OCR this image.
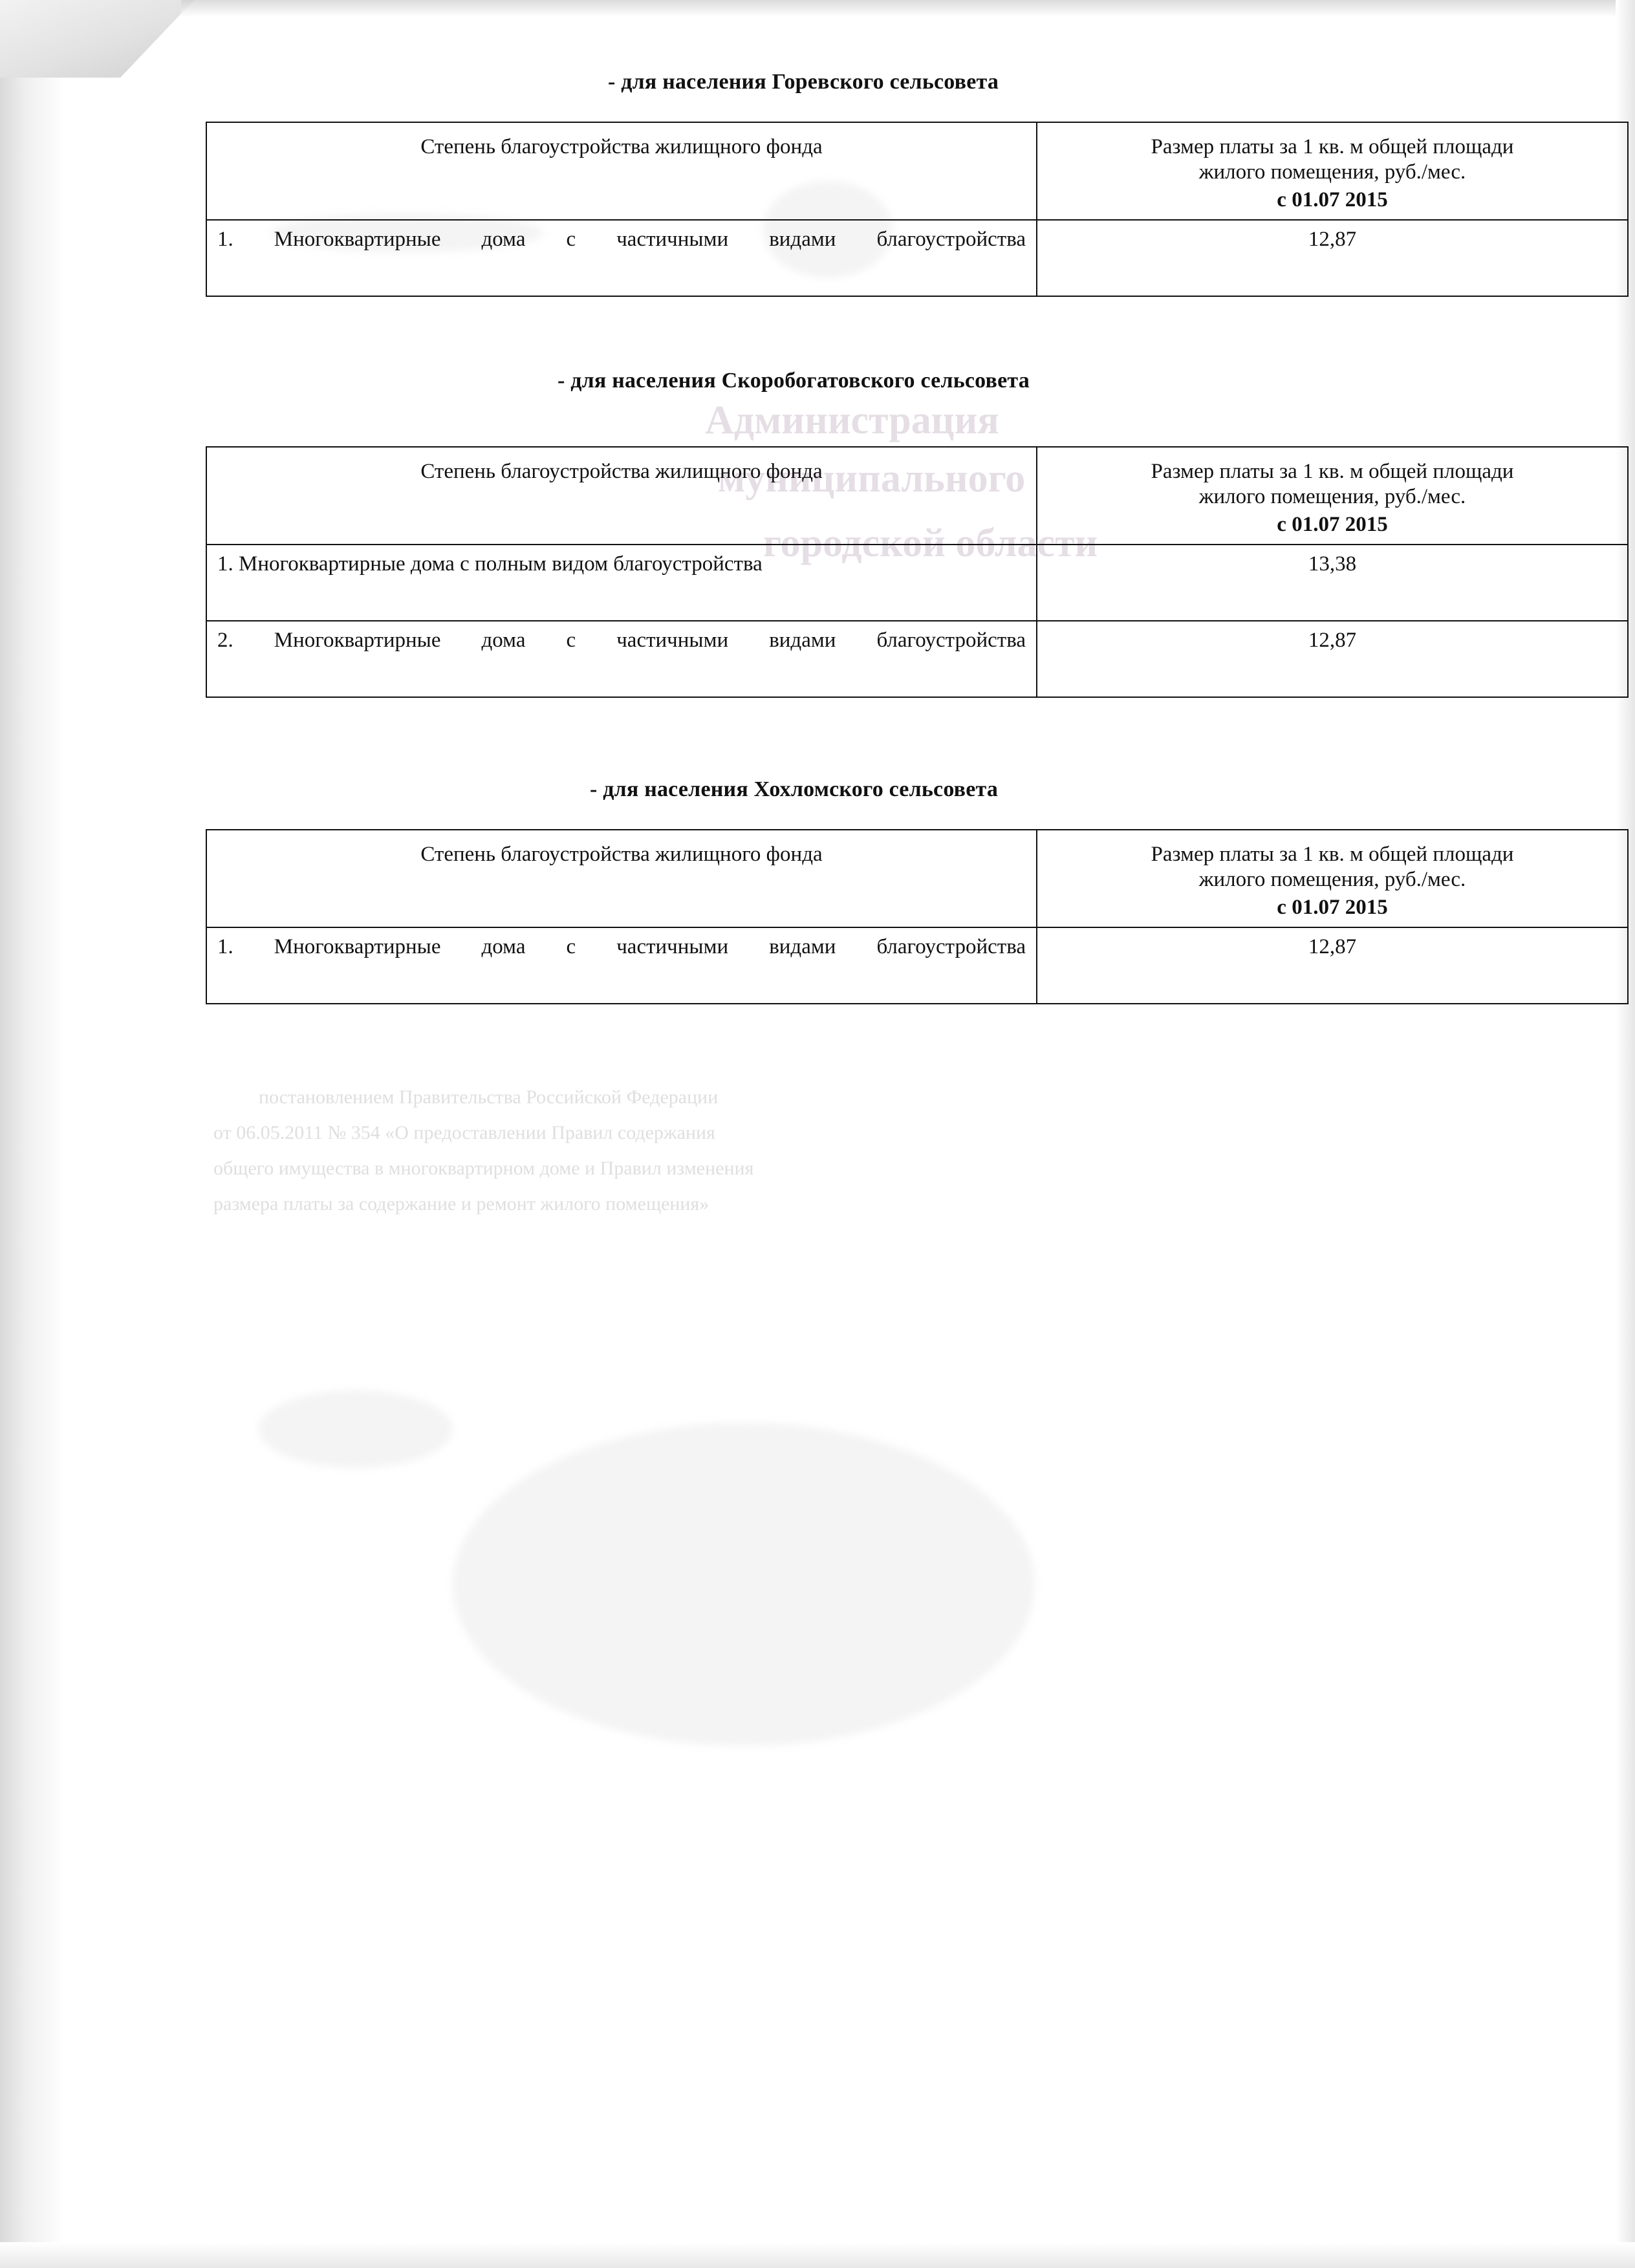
Администрация
муниципального
городской области
постановлением Правительства Российской Федерации
от 06.05.2011 № 354 «О предоставлении Правил содержания
общего имущества в многоквартирном доме и Правил изменения
размера платы за содержание и ремонт жилого помещения»
- для населения Горевского сельсовета
Степень благоустройства жилищного фонда	Размер платы за 1 кв. м общей площади
жилого помещения, руб./мес.
с 01.07 2015

1. Многоквартирные дома с частичными видами благоустройства	12,87
- для населения Скоробогатовского сельсовета
Степень благоустройства жилищного фонда	Размер платы за 1 кв. м общей площади
жилого помещения, руб./мес.
с 01.07 2015

1. Многоквартирные дома с полным видом благоустройства	13,38
2. Многоквартирные дома с частичными видами благоустройства	12,87
- для населения Хохломского сельсовета
Степень благоустройства жилищного фонда	Размер платы за 1 кв. м общей площади
жилого помещения, руб./мес.
с 01.07 2015

1. Многоквартирные дома с частичными видами благоустройства	12,87
